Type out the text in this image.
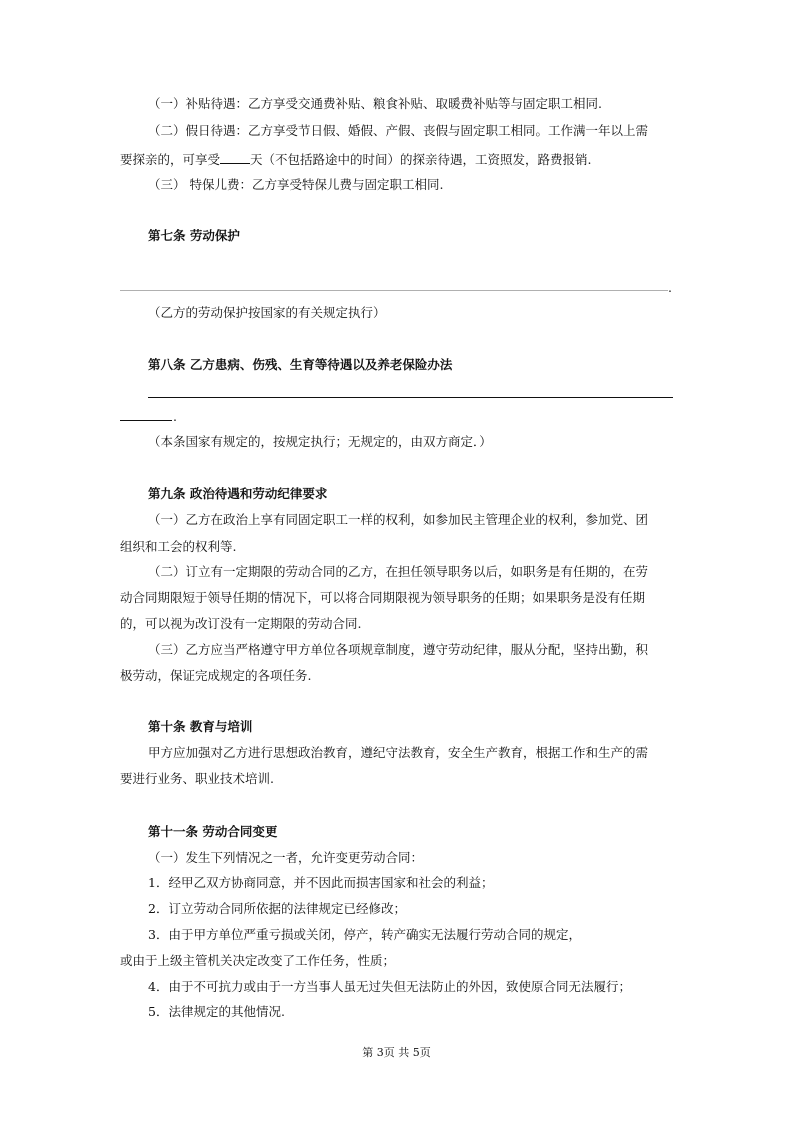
（一）补贴待遇：乙方享受交通费补贴、粮食补贴、取暖费补贴等与固定职工相同.
（二）假日待遇：乙方享受节日假、婚假、产假、丧假与固定职工相同。工作满一年以上需
要探亲的，可享受 天（不包括路途中的时间）的探亲待遇，工资照发，路费报销.
（三） 特保儿费：乙方享受特保儿费与固定职工相同.
第七条 劳动保护
.
（乙方的劳动保护按国家的有关规定执行）
第八条 乙方患病、伤残、生育等待遇以及养老保险办法
.
（本条国家有规定的，按规定执行；无规定的，由双方商定．）
第九条 政治待遇和劳动纪律要求
（一）乙方在政治上享有同固定职工一样的权利，如参加民主管理企业的权利，参加党、团
组织和工会的权利等.
（二）订立有一定期限的劳动合同的乙方，在担任领导职务以后，如职务是有任期的，在劳
动合同期限短于领导任期的情况下，可以将合同期限视为领导职务的任期；如果职务是没有任期
的，可以视为改订没有一定期限的劳动合同.
（三）乙方应当严格遵守甲方单位各项规章制度，遵守劳动纪律，服从分配，坚持出勤，积
极劳动，保证完成规定的各项任务.
第十条 教育与培训
甲方应加强对乙方进行思想政治教育，遵纪守法教育，安全生产教育，根据工作和生产的需
要进行业务、职业技术培训.
第十一条 劳动合同变更
（一）发生下列情况之一者，允许变更劳动合同：
1．经甲乙双方协商同意，并不因此而损害国家和社会的利益；
2．订立劳动合同所依据的法律规定已经修改；
3．由于甲方单位严重亏损或关闭，停产，转产确实无法履行劳动合同的规定，
或由于上级主管机关决定改变了工作任务，性质；
4．由于不可抗力或由于一方当事人虽无过失但无法防止的外因，致使原合同无法履行；
5．法律规定的其他情况.
第 3页 共 5页
